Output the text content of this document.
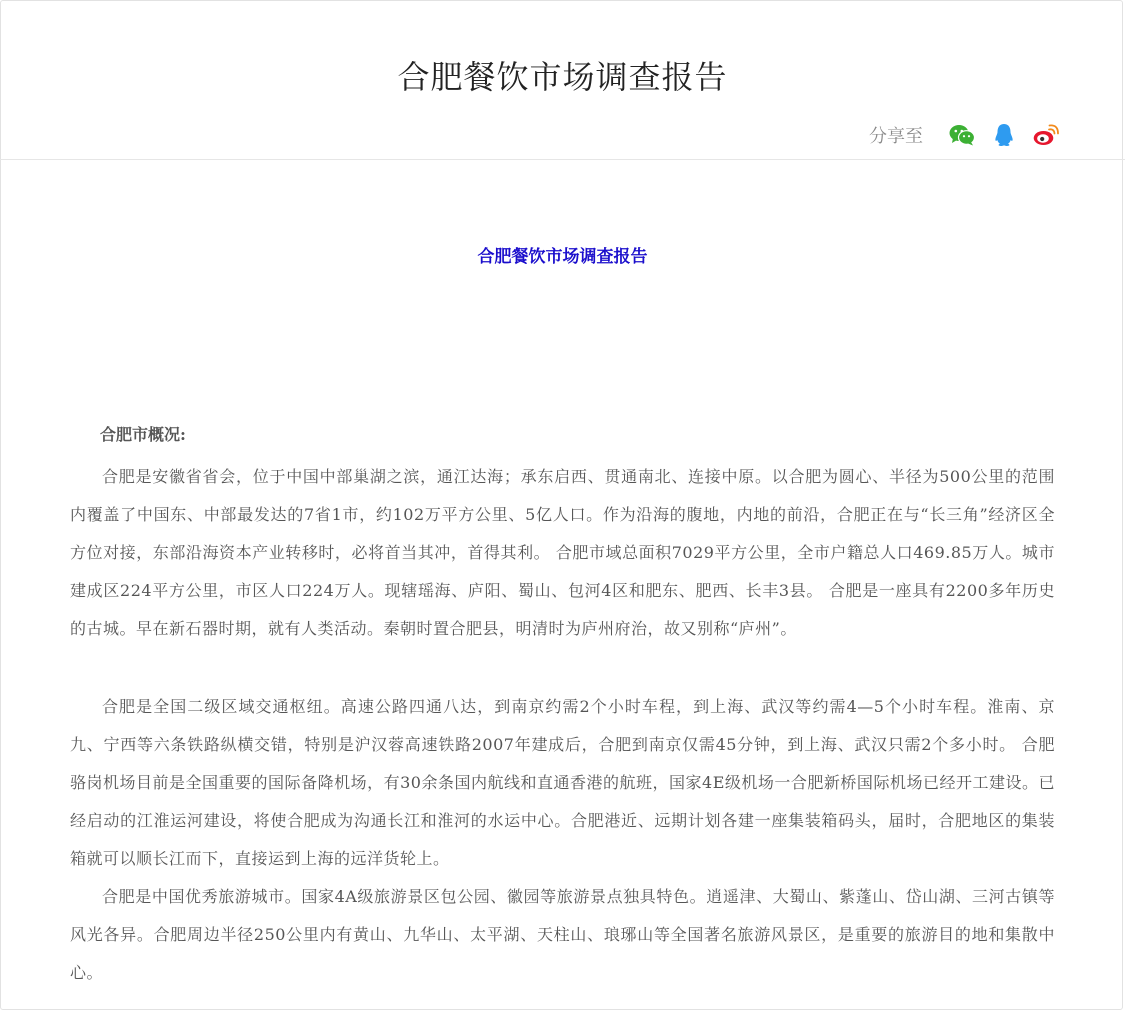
合肥餐饮市场调查报告
分享至
合肥餐饮市场调查报告
合肥市概况:

合肥是安徽省省会，位于中国中部巢湖之滨，通江达海；承东启西、贯通南北、连接中原。以合肥为圆心、半径为500公里的范围内覆盖了中国东、中部最发达的7省1市，约102万平方公里、5亿人口。作为沿海的腹地，内地的前沿，合肥正在与“长三角”经济区全方位对接，东部沿海资本产业转移时，必将首当其冲，首得其利。 合肥市域总面积7029平方公里，全市户籍总人口469.85万人。城市建成区224平方公里，市区人口224万人。现辖瑶海、庐阳、蜀山、包河4区和肥东、肥西、长丰3县。 合肥是一座具有2200多年历史的古城。早在新石器时期，就有人类活动。秦朝时置合肥县，明清时为庐州府治，故又别称“庐州”。

合肥是全国二级区域交通枢纽。高速公路四通八达，到南京约需2个小时车程，到上海、武汉等约需4—5个小时车程。淮南、京九、宁西等六条铁路纵横交错，特别是沪汉蓉高速铁路2007年建成后，合肥到南京仅需45分钟，到上海、武汉只需2个多小时。 合肥骆岗机场目前是全国重要的国际备降机场，有30余条国内航线和直通香港的航班，国家4E级机场一合肥新桥国际机场已经开工建设。已经启动的江淮运河建设，将使合肥成为沟通长江和淮河的水运中心。合肥港近、远期计划各建一座集装箱码头，届时，合肥地区的集装箱就可以顺长江而下，直接运到上海的远洋货轮上。

合肥是中国优秀旅游城市。国家4A级旅游景区包公园、徽园等旅游景点独具特色。逍遥津、大蜀山、紫蓬山、岱山湖、三河古镇等风光各异。合肥周边半径250公里内有黄山、九华山、太平湖、天柱山、琅琊山等全国著名旅游风景区，是重要的旅游目的地和集散中心。
